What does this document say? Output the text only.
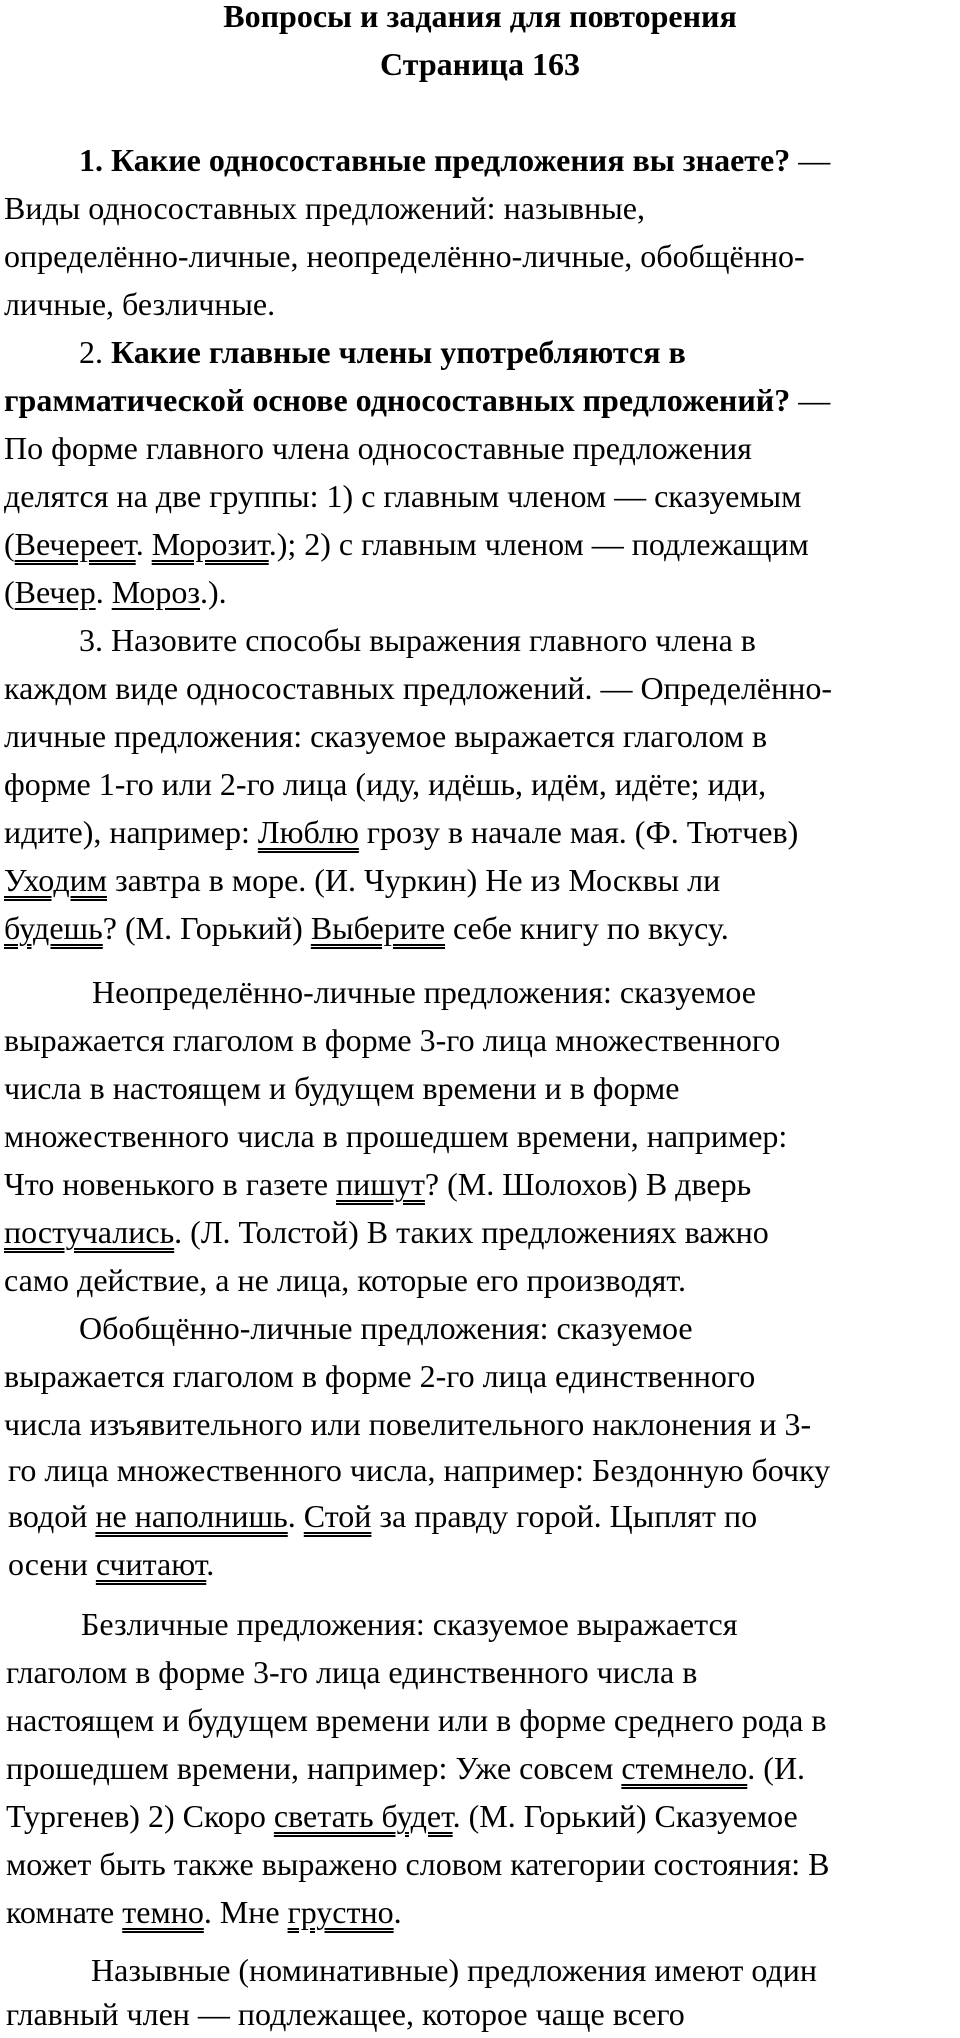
Вопросы и задания для повторения
Страница 163
1. Какие односоставные предложения вы знаете? —
Виды односоставных предложений: назывные,
определённо-личные, неопределённо-личные, обобщённо-
личные, безличные.
2. Какие главные члены употребляются в
грамматической основе односоставных предложений? —
По форме главного члена односоставные предложения
делятся на две группы: 1) с главным членом — сказуемым
(Вечереет. Морозит.); 2) с главным членом — подлежащим
(Вечер. Мороз.).
3. Назовите способы выражения главного члена в
каждом виде односоставных предложений. — Определённо-
личные предложения: сказуемое выражается глаголом в
форме 1-го или 2-го лица (иду, идёшь, идём, идёте; иди,
идите), например: Люблю грозу в начале мая. (Ф. Тютчев)
Уходим завтра в море. (И. Чуркин) Не из Москвы ли
будешь? (М. Горький) Выберите себе книгу по вкусу.
Неопределённо-личные предложения: сказуемое
выражается глаголом в форме 3-го лица множественного
числа в настоящем и будущем времени и в форме
множественного числа в прошедшем времени, например:
Что новенького в газете пишут? (М. Шолохов) В дверь
постучались. (Л. Толстой) В таких предложениях важно
само действие, а не лица, которые его производят.
Обобщённо-личные предложения: сказуемое
выражается глаголом в форме 2-го лица единственного
числа изъявительного или повелительного наклонения и 3-
го лица множественного числа, например: Бездонную бочку
водой не наполнишь. Стой за правду горой. Цыплят по
осени считают.
Безличные предложения: сказуемое выражается
глаголом в форме 3-го лица единственного числа в
настоящем и будущем времени или в форме среднего рода в
прошедшем времени, например: Уже совсем стемнело. (И.
Тургенев) 2) Скоро светать будет. (М. Горький) Сказуемое
может быть также выражено словом категории состояния: В
комнате темно. Мне грустно.
Назывные (номинативные) предложения имеют один
главный член — подлежащее, которое чаще всего
